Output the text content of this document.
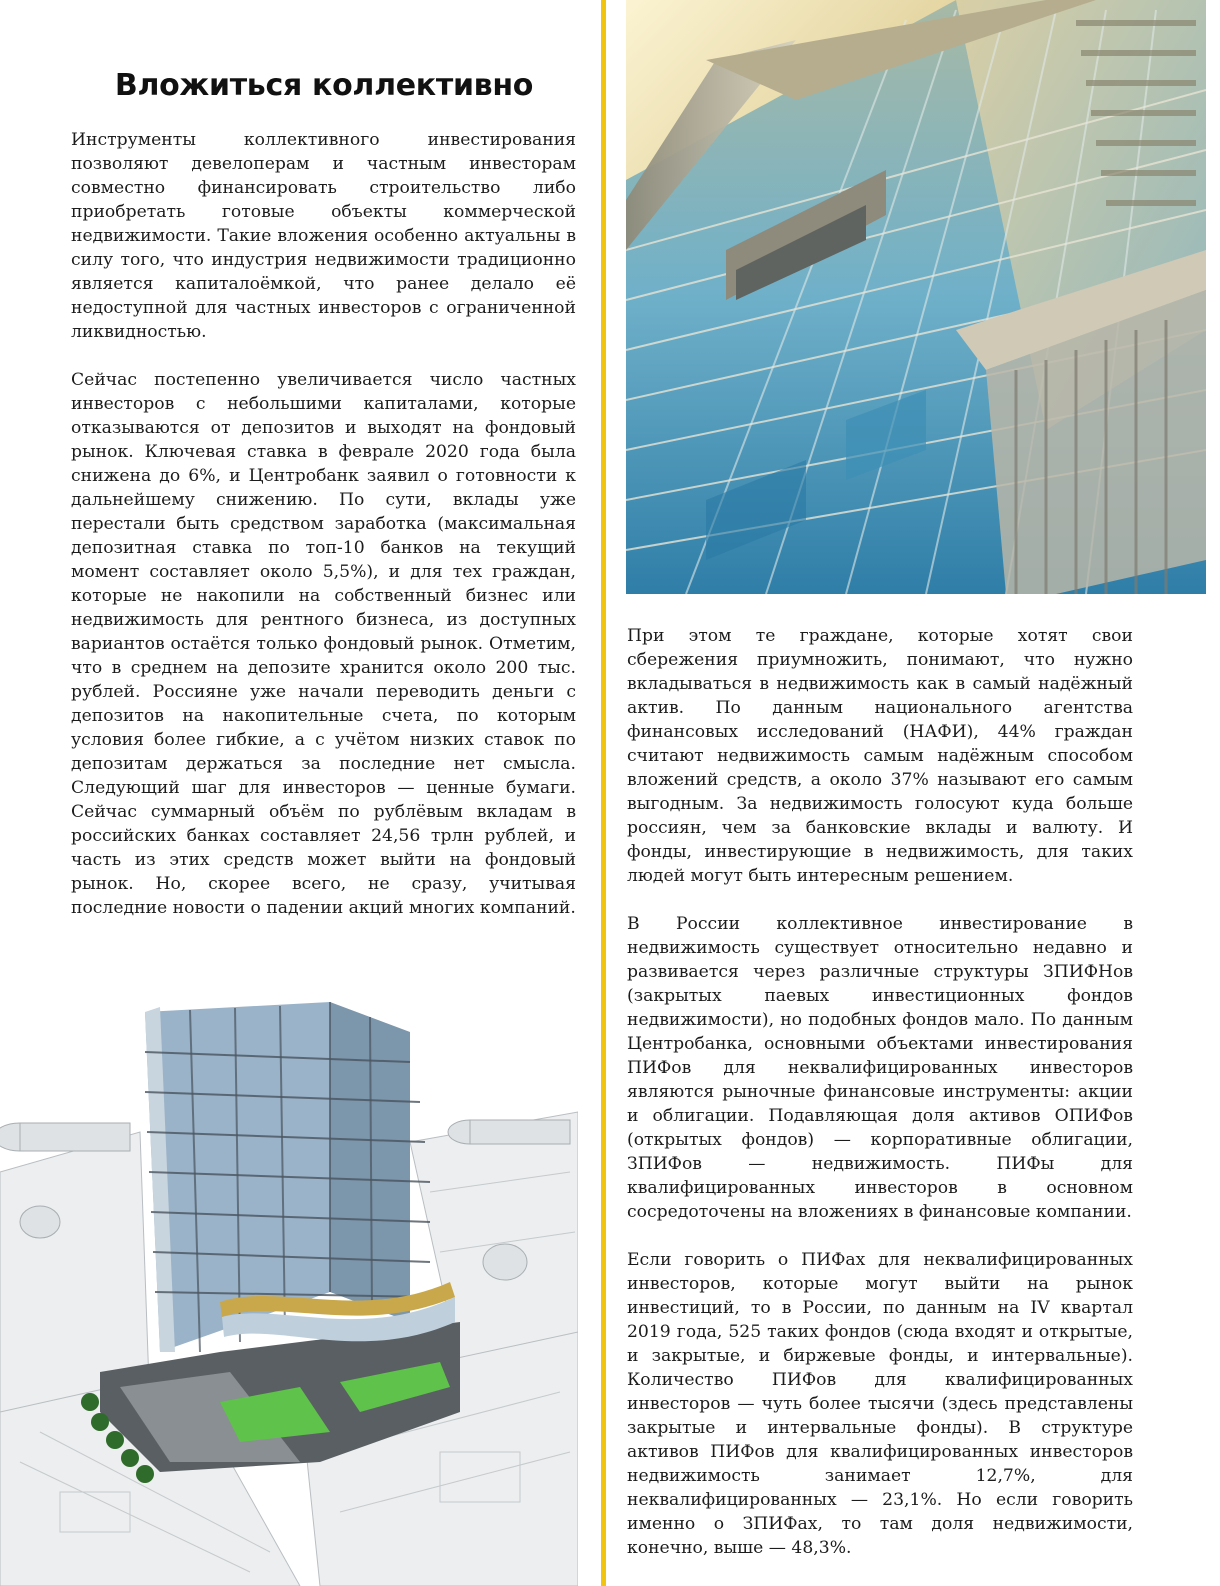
Вложиться коллективно

Инструменты коллективного инвестирования позволяют девелоперам и частным инвесторам совместно финансировать строительство либо приобретать готовые объекты коммерческой недвижимости. Такие вложения особенно актуальны в силу того, что индустрия недвижимости традиционно является капиталоёмкой, что ранее делало её недоступной для частных инвесторов с ограниченной ликвидностью.

Сейчас постепенно увеличивается число частных инвесторов с небольшими капиталами, которые отказываются от депозитов и выходят на фондовый рынок. Ключевая ставка в феврале 2020 года была снижена до 6%, и Центробанк заявил о готовности к дальнейшему снижению. По сути, вклады уже перестали быть средством заработка (максимальная депозитная ставка по топ-10 банков на текущий момент составляет около 5,5%), и для тех граждан, которые не накопили на собственный бизнес или недвижимость для рентного бизнеса, из доступных вариантов остаётся только фондовый рынок. Отметим, что в среднем на депозите хранится около 200 тыс. рублей. Россияне уже начали переводить деньги с депозитов на накопительные счета, по которым условия более гибкие, а с учётом низких ставок по депозитам держаться за последние нет смысла. Следующий шаг для инвесторов — ценные бумаги. Сейчас суммарный объём по рублёвым вкладам в российских банках составляет 24,56 трлн рублей, и часть из этих средств может выйти на фондовый рынок. Но, скорее всего, не сразу, учитывая последние новости о падении акций многих компаний.

При этом те граждане, которые хотят свои сбережения приумножить, понимают, что нужно вкладываться в недвижимость как в самый надёжный актив. По данным национального агентства финансовых исследований (НАФИ), 44% граждан считают недвижимость самым надёжным способом вложений средств, а около 37% называют его самым выгодным. За недвижимость голосуют куда больше россиян, чем за банковские вклады и валюту. И фонды, инвестирующие в недвижимость, для таких людей могут быть интересным решением.

В России коллективное инвестирование в недвижимость существует относительно недавно и развивается через различные структуры ЗПИФНов (закрытых паевых инвестиционных фондов недвижимости), но подобных фондов мало. По данным Центробанка, основными объектами инвестирования ПИФов для неквалифицированных инвесторов являются рыночные финансовые инструменты: акции и облигации. Подавляющая доля активов ОПИФов (открытых фондов) — корпоративные облигации, ЗПИФов — недвижимость. ПИФы для квалифицированных инвесторов в основном сосредоточены на вложениях в финансовые компании.

Если говорить о ПИФах для неквалифицированных инвесторов, которые могут выйти на рынок инвестиций, то в России, по данным на IV квартал 2019 года, 525 таких фондов (сюда входят и открытые, и закрытые, и биржевые фонды, и интервальные). Количество ПИФов для квалифицированных инвесторов — чуть более тысячи (здесь представлены закрытые и интервальные фонды). В структуре активов ПИФов для квалифицированных инвесторов недвижимость занимает 12,7%, для неквалифицированных — 23,1%. Но если говорить именно о ЗПИФах, то там доля недвижимости, конечно, выше — 48,3%.
